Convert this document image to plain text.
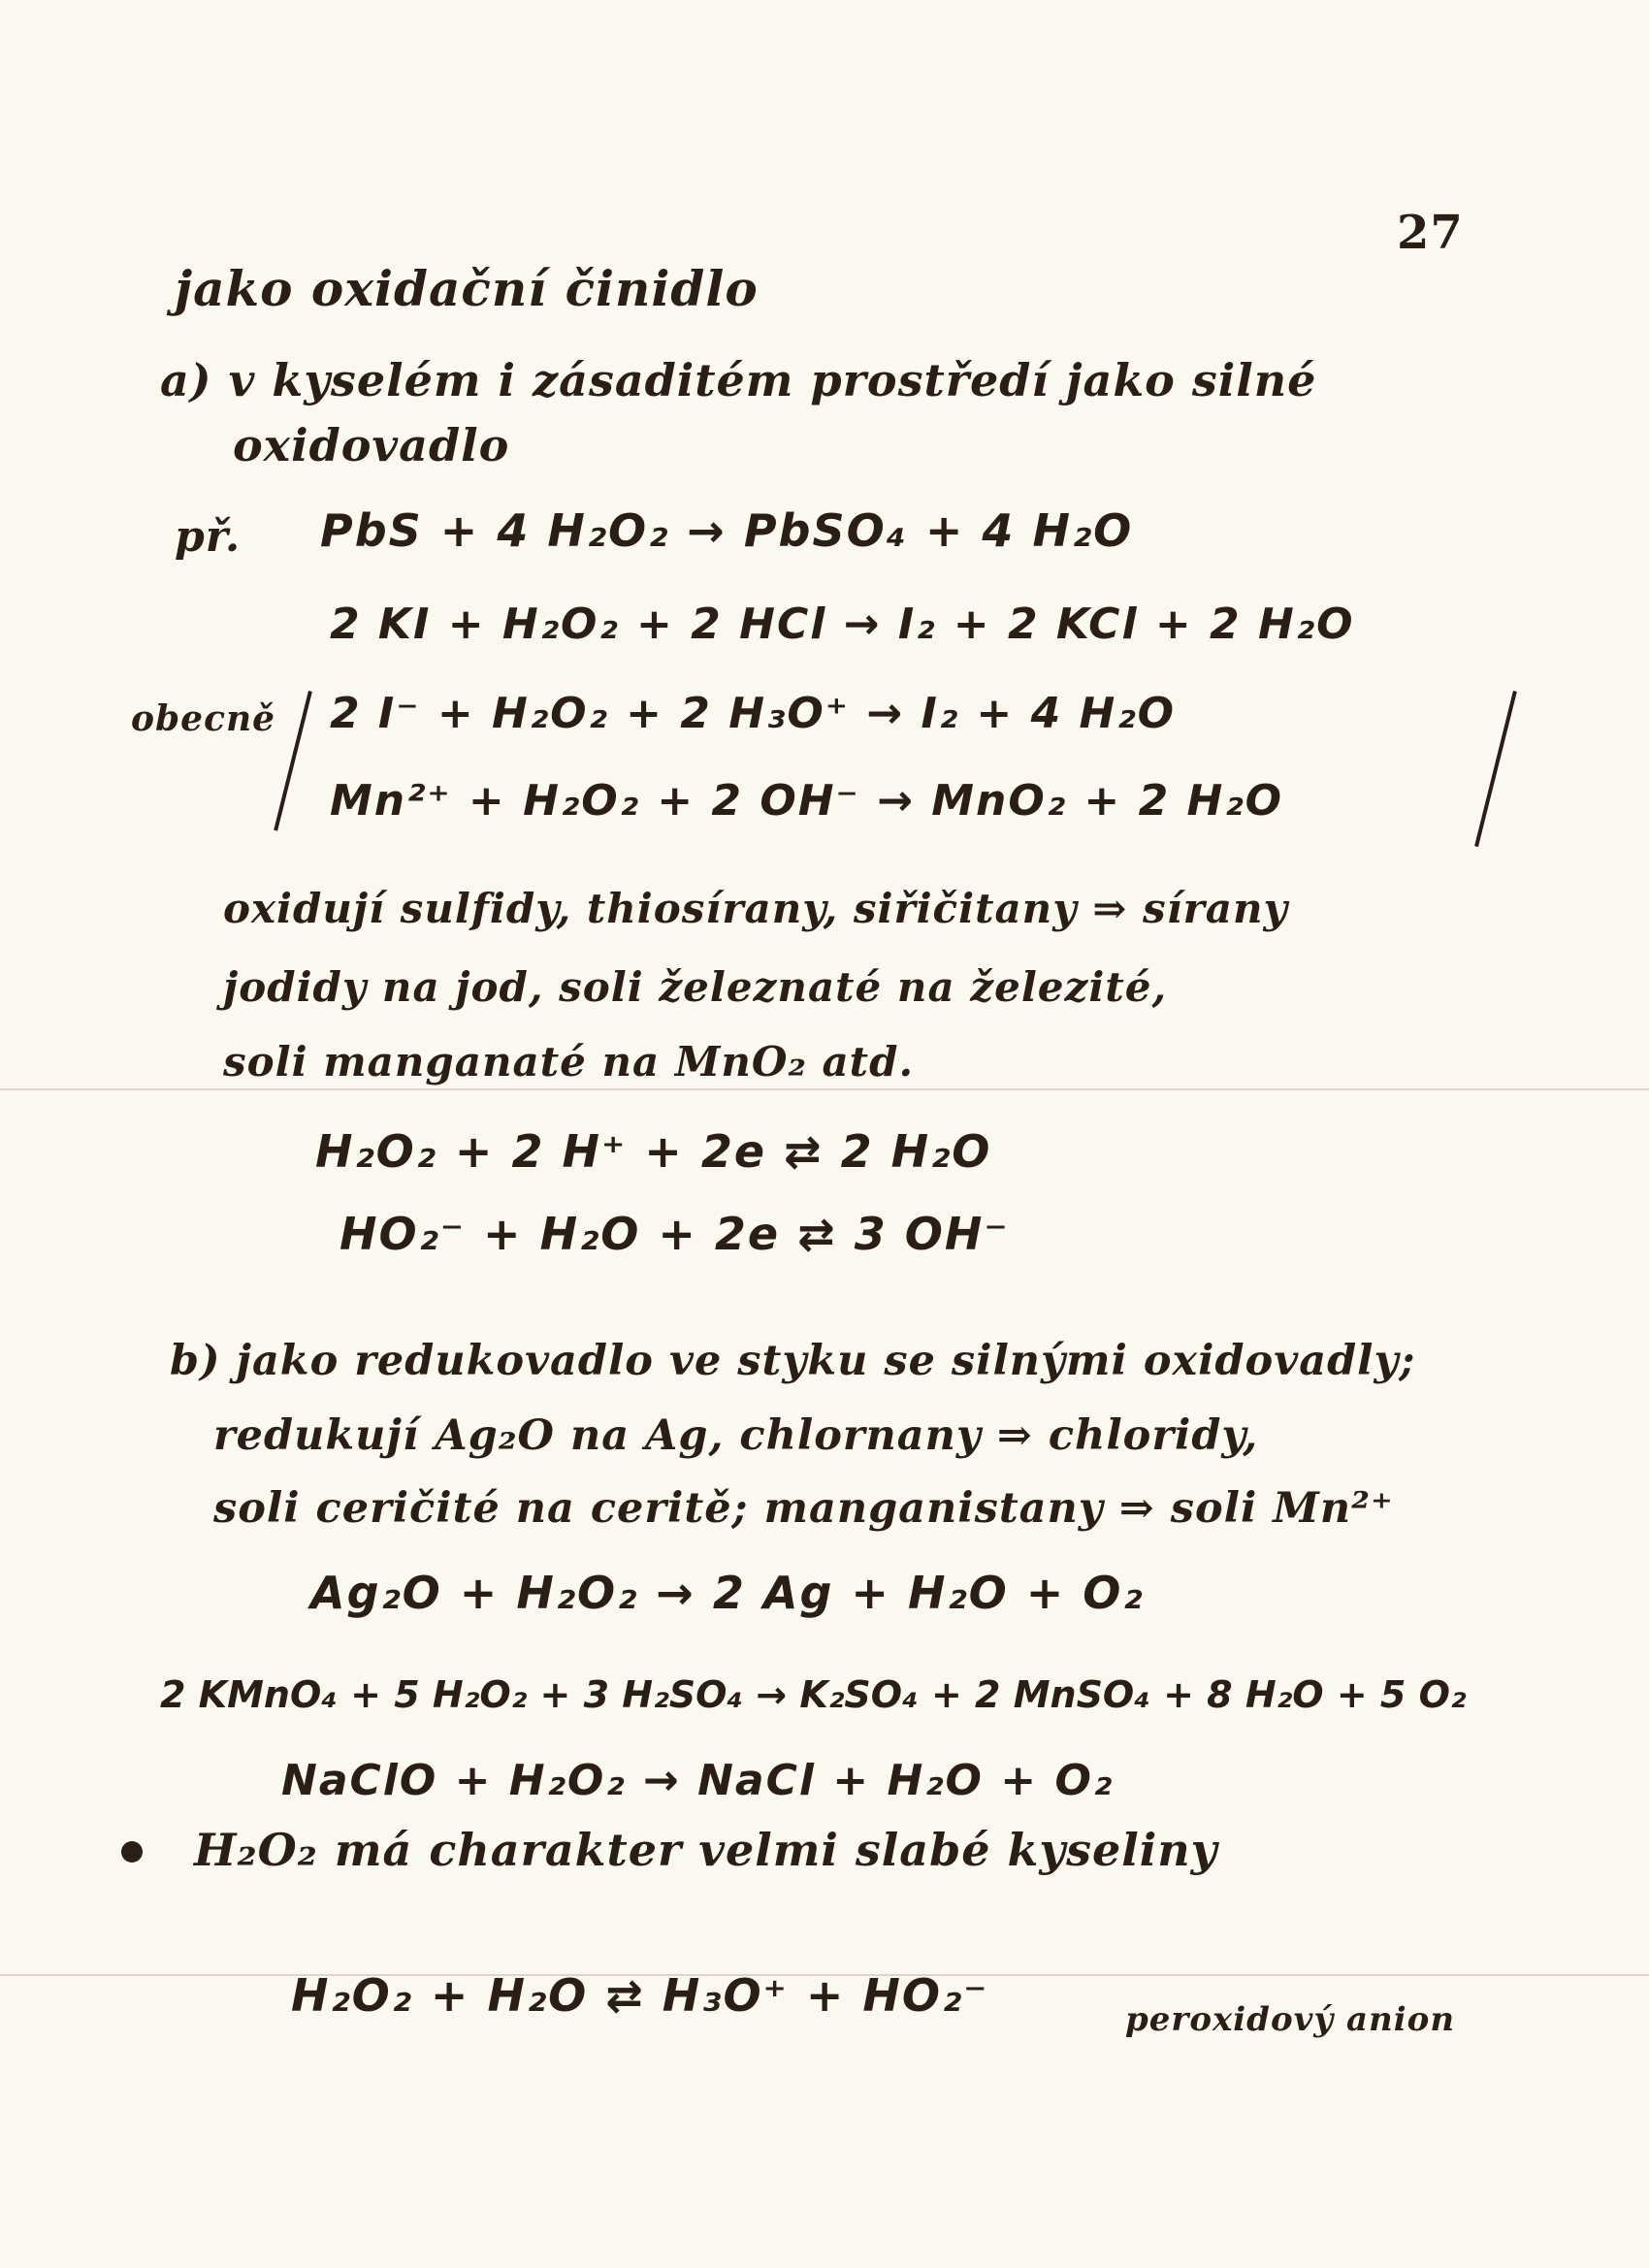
27
jako oxidační činidlo
a) v kyselém i zásaditém prostředí jako silné
oxidovadlo
př. PbS + 4 H₂O₂ → PbSO₄ + 4 H₂O
2 KI + H₂O₂ + 2 HCl → I₂ + 2 KCl + 2 H₂O
obecně 2 I⁻ + H₂O₂ + 2 H₃O⁺ → I₂ + 4 H₂O
Mn²⁺ + H₂O₂ + 2 OH⁻ → MnO₂ + 2 H₂O
oxidují sulfidy, thiosírany, siřičitany ⇒ sírany
jodidy na jod, soli železnaté na železité,
soli manganaté na MnO₂ atd.
H₂O₂ + 2 H⁺ + 2e ⇄ 2 H₂O
HO₂⁻ + H₂O + 2e ⇄ 3 OH⁻
b) jako redukovadlo ve styku se silnými oxidovadly;
redukují Ag₂O na Ag, chlornany ⇒ chloridy,
soli ceričité na ceritě; manganistany ⇒ soli Mn²⁺
Ag₂O + H₂O₂ → 2 Ag + H₂O + O₂
2 KMnO₄ + 5 H₂O₂ + 3 H₂SO₄ → K₂SO₄ + 2 MnSO₄ + 8 H₂O + 5 O₂
NaClO + H₂O₂ → NaCl + H₂O + O₂
H₂O₂ má charakter velmi slabé kyseliny
H₂O₂ + H₂O ⇄ H₃O⁺ + HO₂⁻	peroxidový anion
